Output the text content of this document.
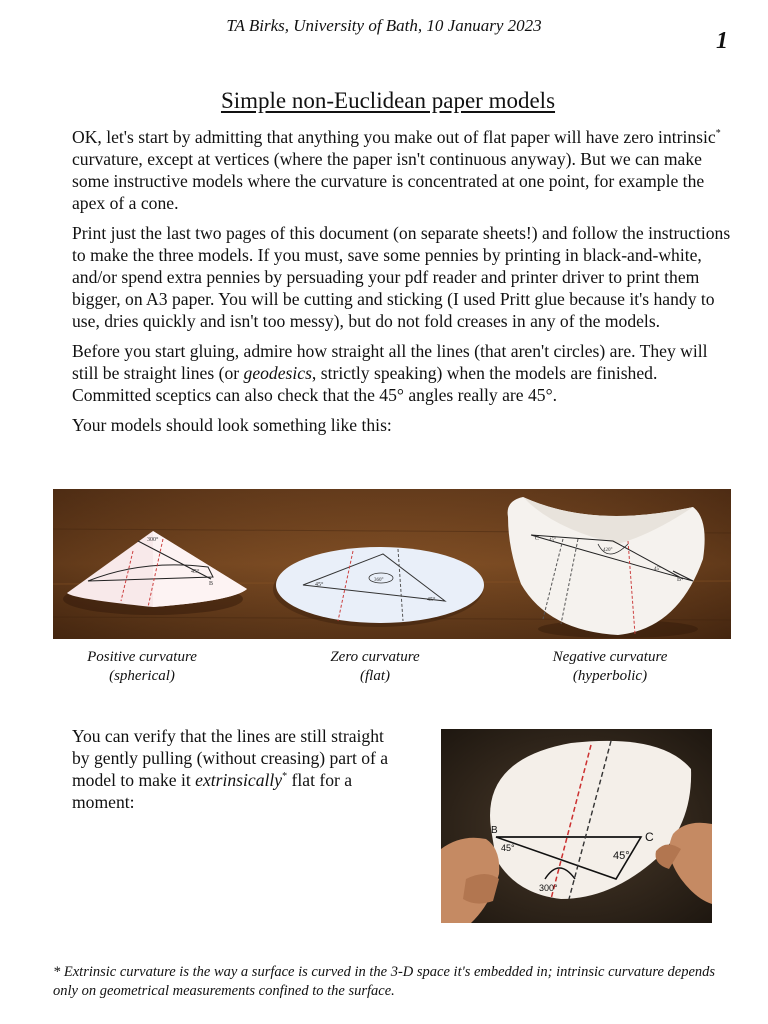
TA Birks, University of Bath, 10 January 2023
1
Simple non-Euclidean paper models

OK, let's start by admitting that anything you make out of flat paper will have zero intrinsic* curvature, except at vertices (where the paper isn't continuous anyway). But we can make some instructive models where the curvature is concentrated at one point, for example the apex of a cone.

Print just the last two pages of this document (on separate sheets!) and follow the instructions to make the three models. If you must, save some pennies by printing in black-and-white, and/or spend extra pennies by persuading your pdf reader and printer driver to print them bigger, on A3 paper. You will be cutting and sticking (I used Pritt glue because it's handy to use, dries quickly and isn't too messy), but do not fold creases in any of the models.

Before you start gluing, admire how straight all the lines (that aren't circles) are. They will still be straight lines (or geodesics, strictly speaking) when the models are finished. Committed sceptics can also check that the 45° angles really are 45°.

Your models should look something like this:

300°
45°
B	45°
45°
360°
C 45°
420°
45°
B
Positive curvature
(spherical)
Zero curvature
(flat)
Negative curvature
(hyperbolic)
You can verify that the lines are still straight by gently pulling (without creasing) part of a model to make it extrinsically* flat for a moment:
B	C
45°
45°
300°
* Extrinsic curvature is the way a surface is curved in the 3-D space it's embedded in; intrinsic curvature depends only on geometrical measurements confined to the surface.
